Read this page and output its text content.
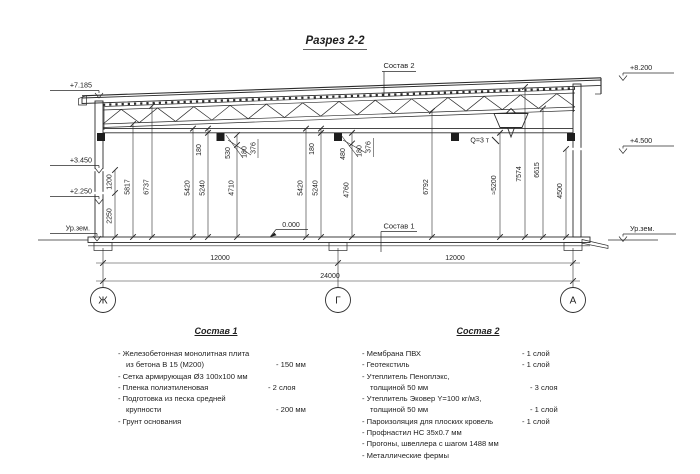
Разрез 2-2
Q=3 т
2250
1200 5817 6737	5420 5240
180	530
4710
180 376
5420 5240
180	480
4760
180 376
6792	≈5200
7574 6615
4500
+7.185
+3.450
+2.250
Ур.зем.
+8.200
+4.500
Ур.зем.
Состав 2
Состав 1
0.000
12000	12000
24000
Ж	Г	А
Состав 1
- Железобетонная монолитная плита
из бетона В 15 (М200)	- 150 мм
- Сетка армирующая Ø3 100х100 мм
- Пленка полиэтиленовая	- 2 слоя
- Подготовка из песка средней
крупности	- 200 мм
- Грунт основания
Состав 2
- Мембрана ПВХ	- 1 слой
- Геотекстиль	- 1 слой
- Утеплитель Пеноплэкс,
толщиной 50 мм	- 3 слоя
- Утеплитель Эковер Y=100 кг/м3,
толщиной 50 мм	- 1 слой
- Пароизоляция для плоских кровель	- 1 слой
- Профнастил НС 35х0.7 мм
- Прогоны, швеллера с шагом 1488 мм
- Металлические фермы
